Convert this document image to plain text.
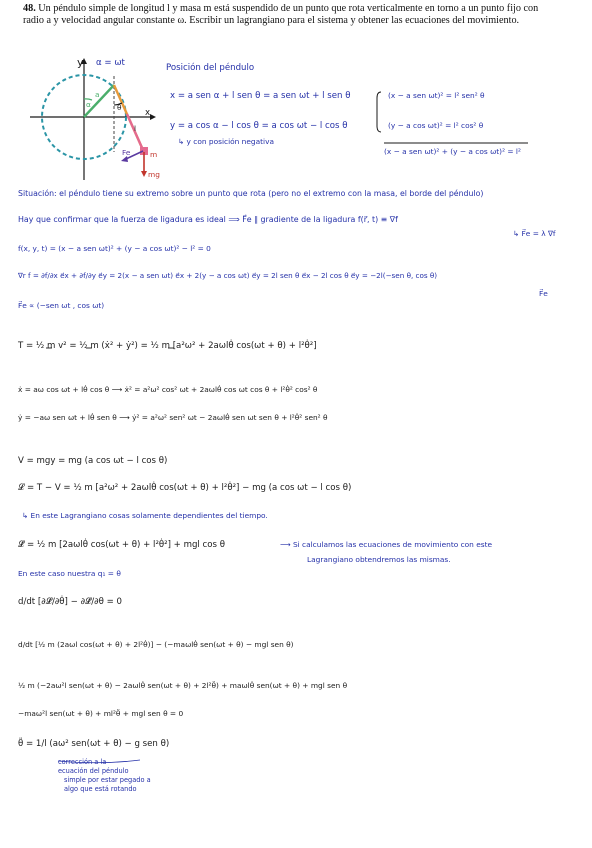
48. Un péndulo simple de longitud l y masa m está suspendido de un punto que rota verticalmente en torno a un punto fijo con radio a y velocidad angular constante ω. Escribir un lagrangiano para el sistema y obtener las ecuaciones del movimiento.
y α = ωt
x
α
a
θ
l
Fe
mg
m
Posición del péndulo
x = a sen α + l sen θ = a sen ωt + l sen θ
y = a cos α − l cos θ = a cos ωt − l cos θ
↳ y con posición negativa
(x − a sen ωt)² = l² sen² θ
(y − a cos ωt)² = l² cos² θ
(x − a sen ωt)² + (y − a cos ωt)² = l²
Situación: el péndulo tiene su extremo sobre un punto que rota (pero no el extremo con la masa, el borde del péndulo)
Hay que confirmar que la fuerza de ligadura es ideal ⟹ F⃗e ∥ gradiente de la ligadura f(r⃗, t) ≡ ∇f
↳ F⃗e = λ ∇f
f(x, y, t) = (x − a sen ωt)² + (y − a cos ωt)² − l² = 0
∇r f = ∂f/∂x e⃗x + ∂f/∂y e⃗y = 2(x − a sen ωt) e⃗x + 2(y − a cos ωt) e⃗y = 2l sen θ e⃗x − 2l cos θ e⃗y = −2l(−sen θ, cos θ)
F⃗e
F⃗e ∝ (−sen ωt , cos ωt)
T = ½ m v² = ½ m (ẋ² + ẏ²) = ½ m [a²ω² + 2aωlθ̇ cos(ωt + θ) + l²θ̇²]
ẋ = aω cos ωt + lθ̇ cos θ ⟶ ẋ² = a²ω² cos² ωt + 2aωlθ̇ cos ωt cos θ + l²θ̇² cos² θ
ẏ = −aω sen ωt + lθ̇ sen θ ⟶ ẏ² = a²ω² sen² ωt − 2aωlθ̇ sen ωt sen θ + l²θ̇² sen² θ
V = mgy = mg (a cos ωt − l cos θ)
𝓛 = T − V = ½ m [a²ω² + 2aωlθ̇ cos(ωt + θ) + l²θ̇²] − mg (a cos ωt − l cos θ)
↳ En este Lagrangiano cosas solamente dependientes del tiempo.
𝓛̃ = ½ m [2aωlθ̇ cos(ωt + θ) + l²θ̇²] + mgl cos θ	⟶ Si calculamos las ecuaciones de movimiento con este
Lagrangiano obtendremos las mismas.
En este caso nuestra q₁ = θ
d/dt [∂𝓛̃/∂θ̇] − ∂𝓛̃/∂θ = 0
d/dt [½ m (2aωl cos(ωt + θ) + 2l²θ̇)] − (−maωlθ̇ sen(ωt + θ) − mgl sen θ)
½ m (−2aω²l sen(ωt + θ) − 2aωlθ̇ sen(ωt + θ) + 2l²θ̈) + maωlθ̇ sen(ωt + θ) + mgl sen θ
−maω²l sen(ωt + θ) + ml²θ̈ + mgl sen θ = 0
θ̈ = 1/l (aω² sen(ωt + θ) − g sen θ)
corrección a la
ecuación del péndulo
simple por estar pegado a
algo que está rotando
